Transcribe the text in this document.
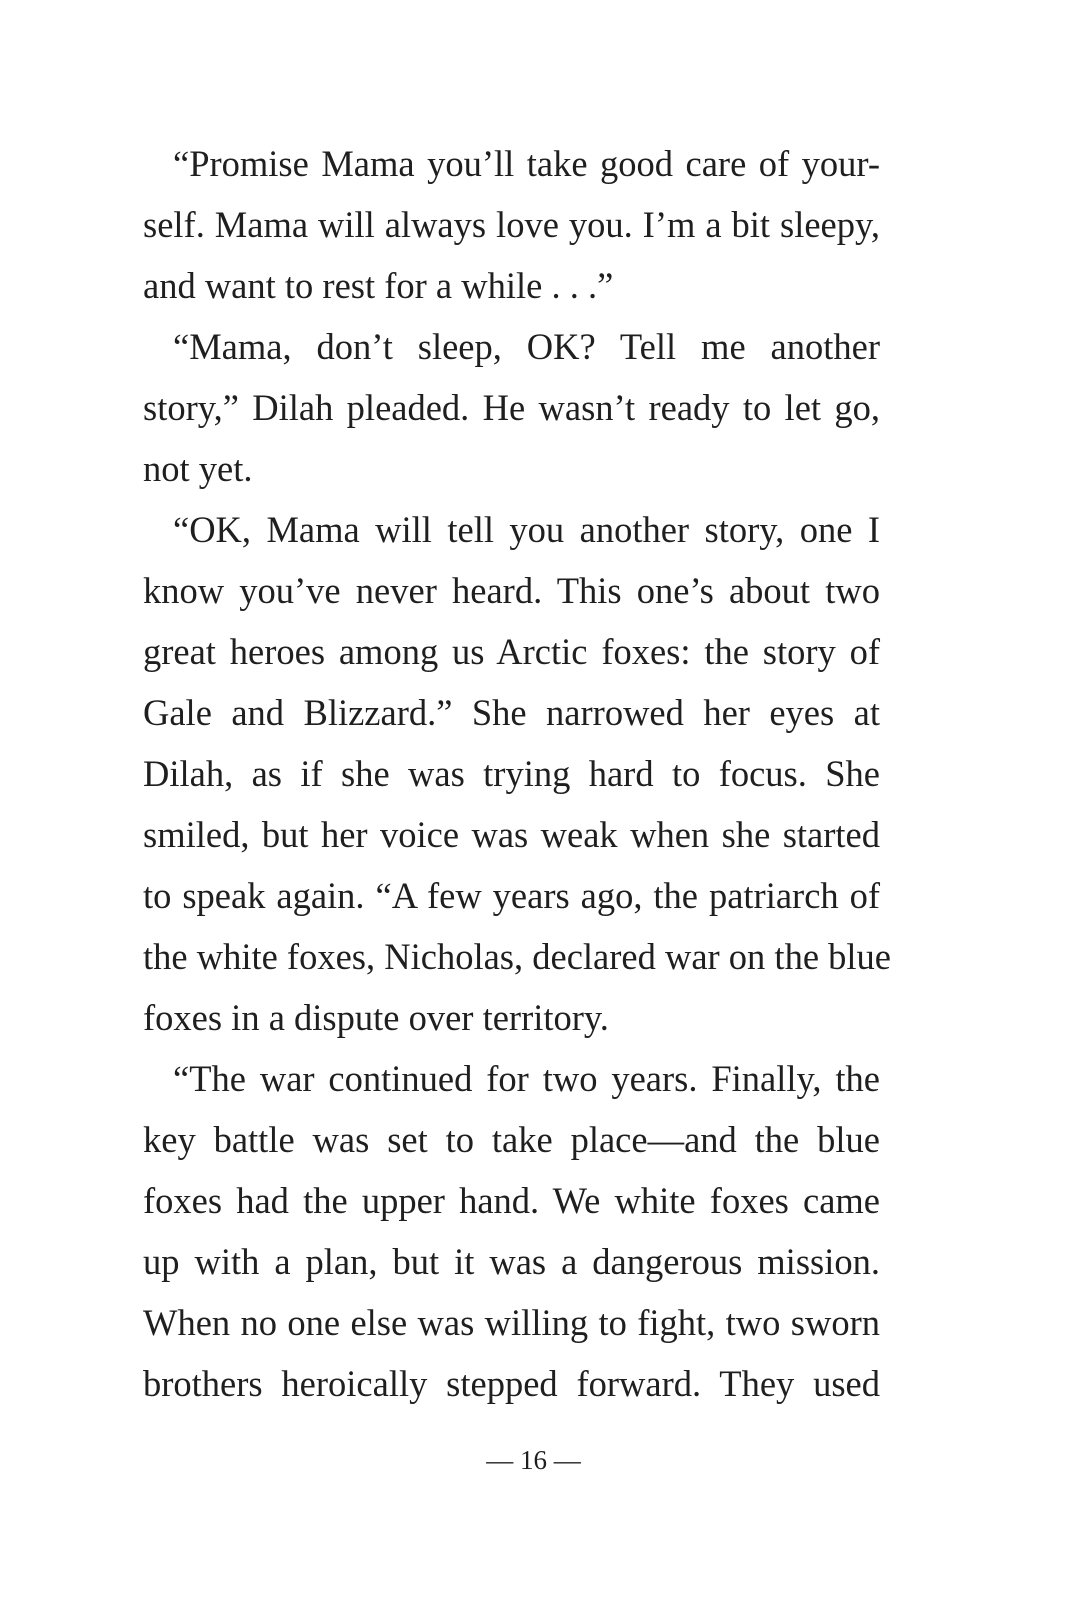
“Promise Mama you’ll take good care of your-
self. Mama will always love you. I’m a bit sleepy,
and want to rest for a while . . .”
“Mama, don’t sleep, OK? Tell me another
story,” Dilah pleaded. He wasn’t ready to let go,
not yet.
“OK, Mama will tell you another story, one I
know you’ve never heard. This one’s about two
great heroes among us Arctic foxes: the story of
Gale and Blizzard.” She narrowed her eyes at
Dilah, as if she was trying hard to focus. She
smiled, but her voice was weak when she started
to speak again. “A few years ago, the patriarch of
the white foxes, Nicholas, declared war on the blue
foxes in a dispute over territory.
“The war continued for two years. Finally, the
key battle was set to take place—and the blue
foxes had the upper hand. We white foxes came
up with a plan, but it was a dangerous mission.
When no one else was willing to fight, two sworn
brothers heroically stepped forward. They used
— 16 —
